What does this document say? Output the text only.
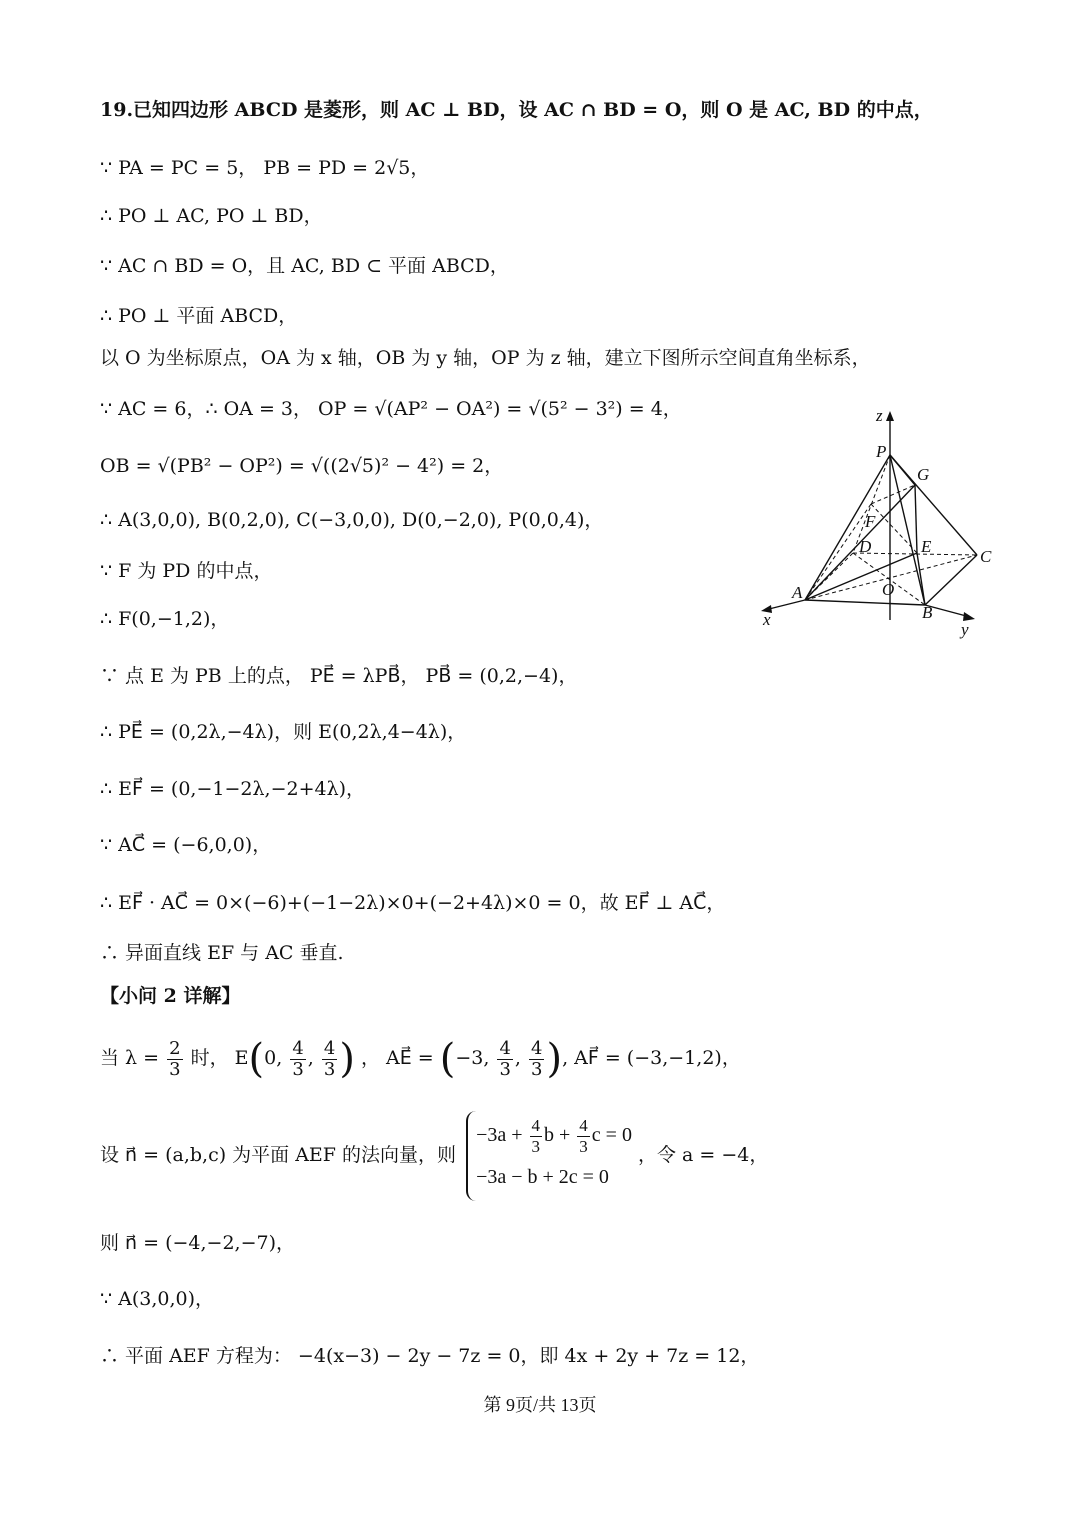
19.已知四边形 ABCD 是菱形，则 AC ⊥ BD，设 AC ∩ BD = O，则 O 是 AC, BD 的中点，
∵ PA = PC = 5， PB = PD = 2√5，
∴ PO ⊥ AC, PO ⊥ BD，
∵ AC ∩ BD = O，且 AC, BD ⊂ 平面 ABCD，
∴ PO ⊥ 平面 ABCD，
以 O 为坐标原点，OA 为 x 轴，OB 为 y 轴，OP 为 z 轴，建立下图所示空间直角坐标系，
∵ AC = 6，∴ OA = 3， OP = √(AP² − OA²) = √(5² − 3²) = 4，
OB = √(PB² − OP²) = √((2√5)² − 4²) = 2，
∴ A(3,0,0), B(0,2,0), C(−3,0,0), D(0,−2,0), P(0,0,4)，
∵ F 为 PD 的中点，
∴ F(0,−1,2)，
∵ 点 E 为 PB 上的点， PE⃗ = λPB⃗， PB⃗ = (0,2,−4)，
∴ PE⃗ = (0,2λ,−4λ)，则 E(0,2λ,4−4λ)，
∴ EF⃗ = (0,−1−2λ,−2+4λ)，
∵ AC⃗ = (−6,0,0)，
∴ EF⃗ · AC⃗ = 0×(−6)+(−1−2λ)×0+(−2+4λ)×0 = 0，故 EF⃗ ⊥ AC⃗，
∴ 异面直线 EF 与 AC 垂直.
【小问 2 详解】
当 $\lambda = \frac{2}{3}$ 时， E(0, $\frac{4}{3}$ , $\frac{4}{3}$ ) ， AE⃗ = (−3, $\frac{4}{3}$ , $\frac{4}{3}$ ), AF⃗ = (−3,−1,2)，
设 n⃗ = (a,b,c) 为平面 AEF 的法向量，则
$-3a + \frac{4}{3}$ $b + \frac{4}{3}$ c = 0
−3a − b + 2c = 0
，令 a = −4，
则 n⃗ = (−4,−2,−7)，
∵ A(3,0,0)，
∴ 平面 AEF 方程为： −4(x−3) − 2y − 7z = 0，即 4x + 2y + 7z = 12，
z
P
G
F
D	E
C
A	O
B
x
y
第 9页/共 13页
